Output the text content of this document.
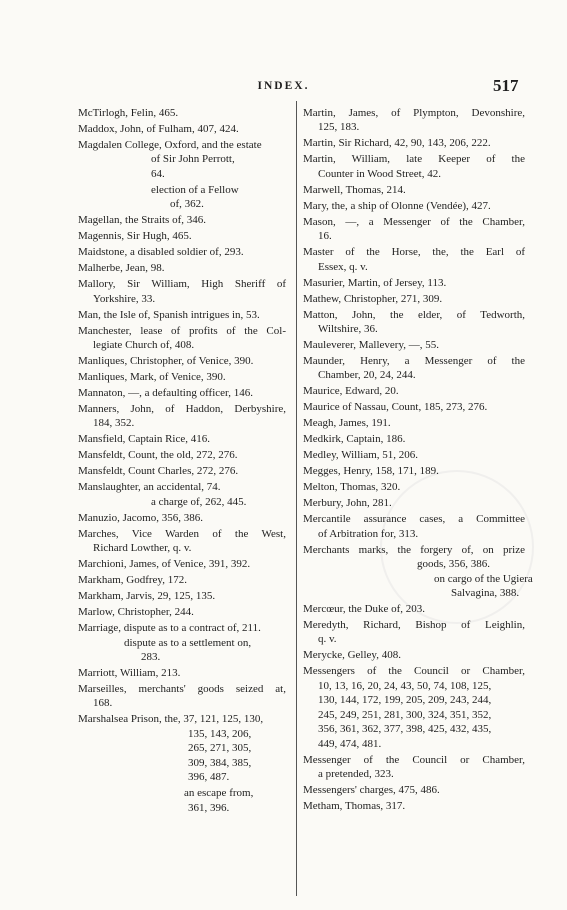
INDEX.	517
McTirlogh, Felin, 465.
Maddox, John, of Fulham, 407, 424.
Magdalen College, Oxford, and the estate
of Sir John Perrott,
64.
election of a Fellow
of, 362.
Magellan, the Straits of, 346.
Magennis, Sir Hugh, 465.
Maidstone, a disabled soldier of, 293.
Malherbe, Jean, 98.
Mallory, Sir William, High Sheriff of
Yorkshire, 33.
Man, the Isle of, Spanish intrigues in, 53.
Manchester, lease of profits of the Col-
legiate Church of, 408.
Manliques, Christopher, of Venice, 390.
Manliques, Mark, of Venice, 390.
Mannaton, —, a defaulting officer, 146.
Manners, John, of Haddon, Derbyshire,
184, 352.
Mansfield, Captain Rice, 416.
Mansfeldt, Count, the old, 272, 276.
Mansfeldt, Count Charles, 272, 276.
Manslaughter, an accidental, 74.
a charge of, 262, 445.
Manuzio, Jacomo, 356, 386.
Marches, Vice Warden of the West,
Richard Lowther, q. v.
Marchioni, James, of Venice, 391, 392.
Markham, Godfrey, 172.
Markham, Jarvis, 29, 125, 135.
Marlow, Christopher, 244.
Marriage, dispute as to a contract of, 211.
dispute as to a settlement on,
283.
Marriott, William, 213.
Marseilles, merchants' goods seized at,
168.
Marshalsea Prison, the, 37, 121, 125, 130,
135, 143, 206,
265, 271, 305,
309, 384, 385,
396, 487.
an escape from,
361, 396.
Martin, James, of Plympton, Devonshire,
125, 183.
Martin, Sir Richard, 42, 90, 143, 206, 222.
Martin, William, late Keeper of the
Counter in Wood Street, 42.
Marwell, Thomas, 214.
Mary, the, a ship of Olonne (Vendée), 427.
Mason, —, a Messenger of the Chamber,
16.
Master of the Horse, the, the Earl of
Essex, q. v.
Masurier, Martin, of Jersey, 113.
Mathew, Christopher, 271, 309.
Matton, John, the elder, of Tedworth,
Wiltshire, 36.
Mauleverer, Mallevery, —, 55.
Maunder, Henry, a Messenger of the
Chamber, 20, 24, 244.
Maurice, Edward, 20.
Maurice of Nassau, Count, 185, 273, 276.
Meagh, James, 191.
Medkirk, Captain, 186.
Medley, William, 51, 206.
Megges, Henry, 158, 171, 189.
Melton, Thomas, 320.
Merbury, John, 281.
Mercantile assurance cases, a Committee
of Arbitration for, 313.
Merchants marks, the forgery of, on prize
goods, 356, 386.
on cargo of the Ugiera
Salvagina, 388.
Mercœur, the Duke of, 203.
Meredyth, Richard, Bishop of Leighlin,
q. v.
Merycke, Gelley, 408.
Messengers of the Council or Chamber,
10, 13, 16, 20, 24, 43, 50, 74, 108, 125,
130, 144, 172, 199, 205, 209, 243, 244,
245, 249, 251, 281, 300, 324, 351, 352,
356, 361, 362, 377, 398, 425, 432, 435,
449, 474, 481.
Messenger of the Council or Chamber,
a pretended, 323.
Messengers' charges, 475, 486.
Metham, Thomas, 317.
